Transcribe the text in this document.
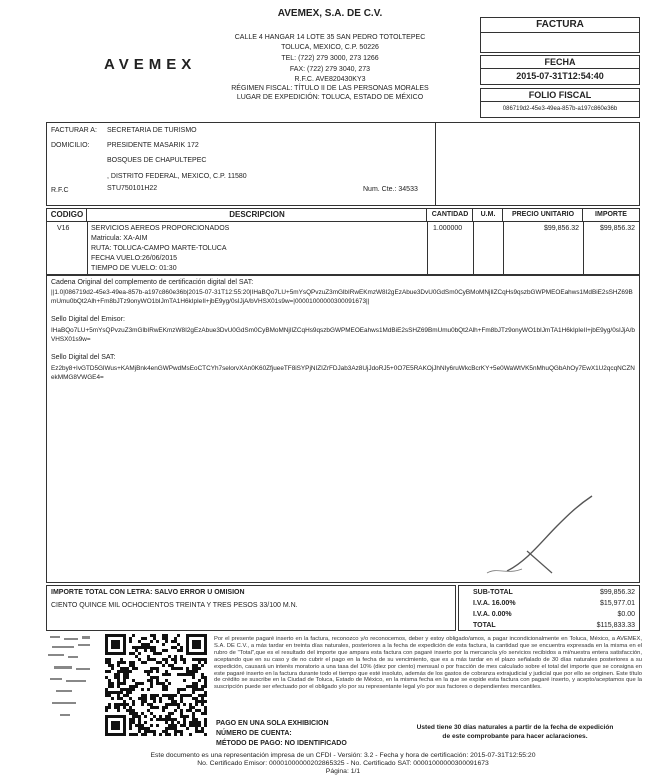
AVEMEX
AVEMEX, S.A. DE C.V.
CALLE 4 HANGAR 14 LOTE 35 SAN PEDRO TOTOLTEPEC
TOLUCA, MEXICO, C.P. 50226
TEL: (722) 279 3000, 273 1266
FAX: (722) 279 3040, 273
R.F.C. AVE820430KY3
RÉGIMEN FISCAL: TÍTULO II DE LAS PERSONAS MORALES
LUGAR DE EXPEDICIÓN: TOLUCA, ESTADO DE MÉXICO
FACTURA
FECHA
2015-07-31T12:54:40
FOLIO FISCAL
086719d2-45e3-49ea-857b-a197c860e36b
FACTURAR A: SECRETARIA DE TURISMO
DOMICILIO: PRESIDENTE MASARIK 172
BOSQUES DE CHAPULTEPEC
, DISTRITO FEDERAL, MEXICO, C.P. 11580
R.F.C	STU750101H22	Num. Cte.: 34533
CODIGO	DESCRIPCION	CANTIDAD	U.M.	PRECIO UNITARIO	IMPORTE
V16	SERVICIOS AEREOS PROPORCIONADOS
Matricula: XA-AIM
RUTA: TOLUCA-CAMPO MARTE-TOLUCA
FECHA VUELO:26/06/2015
TIEMPO DE VUELO: 01:30
1.000000	$99,856.32	$99,856.32
Cadena Original del complemento de certificación digital del SAT:
||1.0|086719d2-45e3-49ea-857b-a197c860e36b|2015-07-31T12:55:20|IHaBQo7LU+5mYsQPvzuZ3mGlbIRwEKmzW8I2gEzAbue3DvU0GdSm0CyBMoMNjIlZCqHs9qszbGWPMEOEahws1MdBiE2sSHZ69BmUmu0bQt2Alh+Fm8bJTz9onyWO1bIJmTA1H6kIpIeII+jbE9yg/0sIJjA/bVHSX01s9w=|00001000000300091673||
Sello Digital del Emisor:
IHaBQo7LU+5mYsQPvzuZ3mGlbIRwEKmzW8I2gEzAbue3DvU0GdSm0CyBMoMNjIlZCqHs9qszbGWPMEOEahws1MdBiE2sSHZ69BmUmu0bQt2Alh+Fm8bJTz9onyWO1bIJmTA1H6kIpIeII+jbE9yg/0sIJjA/bVHSX01s9w=
Sello Digital del SAT:
Ez2by8+IvGTD5GlWus+KAMjBnk4enGWPwdMsEoCTCYh7selorvXAn0K60ZfjueeTF8iSYPjNIZIZrFDJab3Az8UjJdoRJ5+0O7E5RAKOjJhNIy6ruWkcBcrKY+5e0WaWtVK5nMhuQGbAhOy7EwX1U2qcqNCZNekMMG8VWGE4=
IMPORTE TOTAL CON LETRA: SALVO ERROR U OMISION
CIENTO QUINCE MIL OCHOCIENTOS TREINTA Y TRES PESOS 33/100 M.N.
SUB-TOTAL	$99,856.32
I.V.A. 16.00%	$15,977.01
I.V.A. 0.00%	$0.00
TOTAL	$115,833.33
Por el presente pagaré inserto en la factura, reconozco y/o reconocemos, deber y estoy obligado/amos, a pagar incondicionalmente en Toluca, México, a AVEMEX, S.A. DE C.V., a más tardar en treinta días naturales, posteriores a la fecha de expedición de esta factura, la cantidad que se encuentra expresada en la misma en el rubro de "Total",que es el resultado del importe que ampara esta factura con pagaré inserto por la mercancía y/o servicios recibidos a mi/nuestra entera satisfacción, aceptando que en su caso y de no cubrir el pago en la fecha de su vencimiento, que es a más tardar en el plazo señalado de 30 días naturales posteriores a su expedición, causará un interés moratorio a una tasa del 10% (diez por ciento) mensual o por fracción de mes calculado sobre el total del importe que se consigna en este pagaré inserto en la factura durante todo el tiempo que esté insoluto, además de los gastos de cobranza extrajudicial y judicial que por ello se originen. Este título de crédito se suscribe en la Ciudad de Toluca, Estado de México, en la misma fecha en la que se expide esta factura con pagaré inserto, y acepto/aceptamos que la suscripción puede ser efectuado por el obligado y/o por su representante legal y/o por sus factores o dependientes mercantiles.
PAGO EN UNA SOLA EXHIBICION
NÚMERO DE CUENTA:
MÉTODO DE PAGO: NO IDENTIFICADO
Usted tiene 30 días naturales a partir de la fecha de expedición
de este comprobante para hacer aclaraciones.
Este documento es una representación impresa de un CFDI - Versión: 3.2 - Fecha y hora de certificación: 2015-07-31T12:55:20
No. Certificado Emisor: 00001000000202865325 - No. Certificado SAT: 00001000000300091673
Página: 1/1
